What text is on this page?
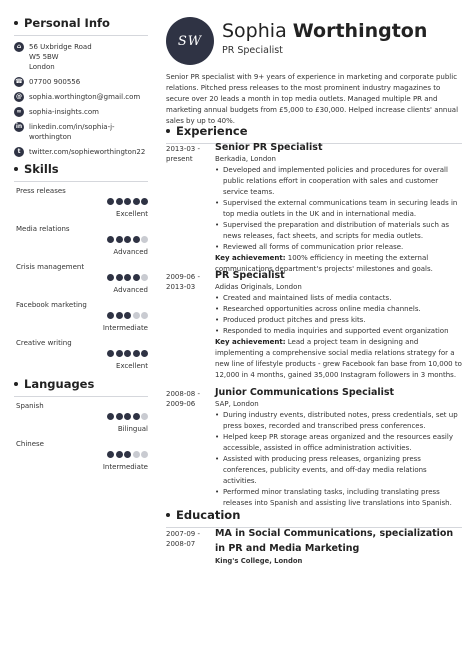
Personal Info
⌂	56 Uxbridge Road
W5 5BW
London
☎ 07700 900556
@ sophia.worthington@gmail.com
∞	sophia-insights.com
in linkedin.com/in/sophia-j-
worthington
t	twitter.com/sophieworthington22
Skills
Press releases
Excellent
Media relations
Advanced
Crisis management
Advanced
Facebook marketing
Intermediate
Creative writing
Excellent
Languages
Spanish
Bilingual
Chinese
Intermediate
SW	Sophia Worthington
PR Specialist
Senior PR specialist with 9+ years of experience in marketing and corporate public relations. Pitched press releases to the most prominent industry magazines to secure over 20 leads a month in top media outlets. Managed multiple PR and marketing annual budgets from £5,000 to £30,000. Helped increase clients' annual sales by up to 40%.
Experience
2013-03 -
present
Senior PR Specialist
Berkadia, London
• Developed and implemented policies and procedures for overall public relations effort in cooperation with sales and customer service teams.
• Supervised the external communications team in securing leads in top media outlets in the UK and in international media.
• Supervised the preparation and distribution of materials such as news releases, fact sheets, and scripts for media outlets.
• Reviewed all forms of communication prior release.
Key achievement: 100% efficiency in meeting the external communications department's projects' milestones and goals.
2009-06 -
2013-03
PR Specialist
Adidas Originals, London
• Created and maintained lists of media contacts.
• Researched opportunities across online media channels.
• Produced product pitches and press kits.
• Responded to media inquiries and supported event organization
Key achievement: Lead a project team in designing and implementing a comprehensive social media relations strategy for a new line of lifestyle products - grew Facebook fan base from 10,000 to 12,000 in 4 months, gained 35,000 Instagram followers in 3 months.
2008-08 -
2009-06
Junior Communications Specialist
SAP, London
• During industry events, distributed notes, press credentials, set up press boxes, recorded and transcribed press conferences.
• Helped keep PR storage areas organized and the resources easily accessible, assisted in office administration activities.
• Assisted with producing press releases, organizing press conferences, publicity events, and off-day media relations activities.
• Performed minor translating tasks, including translating press releases into Spanish and assisting live translations into Spanish.
Education
2007-09 -
2008-07
MA in Social Communications, specialization in PR and Media Marketing
King's College, London
